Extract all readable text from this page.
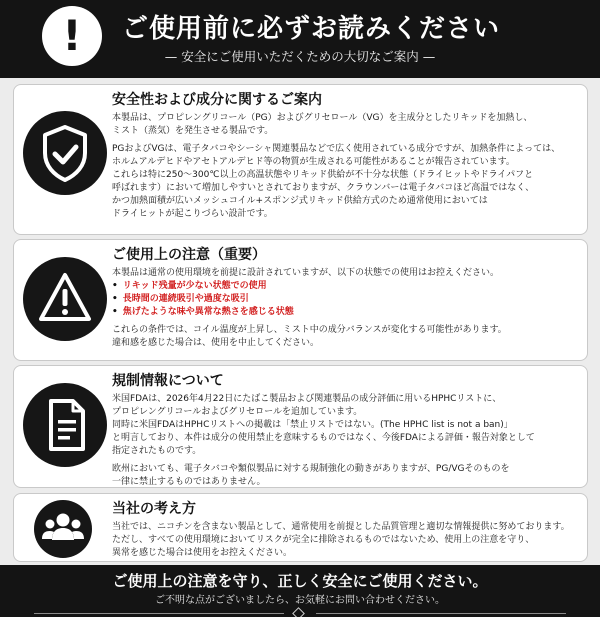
!	ご使用前に必ずお読みください
— 安全にご使用いただくための大切なご案内 —
安全性および成分に関するご案内
本製品は、プロピレングリコール（PG）およびグリセロール（VG）を主成分としたリキッドを加熱し、
ミスト（蒸気）を発生させる製品です。
PGおよびVGは、電子タバコやシーシャ関連製品などで広く使用されている成分ですが、加熱条件によっては、
ホルムアルデヒドやアセトアルデヒド等の物質が生成される可能性があることが報告されています。
これらは特に250〜300℃以上の高温状態やリキッド供給が不十分な状態（ドライヒットやドライパフと
呼ばれます）において増加しやすいとされておりますが、クラウンバーは電子タバコほど高温ではなく、
かつ加熱面積が広いメッシュコイル+スポンジ式リキッド供給方式のため通常使用においては
ドライヒットが起こりづらい設計です。
ご使用上の注意（重要）
本製品は通常の使用環境を前提に設計されていますが、以下の状態での使用はお控えください。
• リキッド残量が少ない状態での使用
• 長時間の連続吸引や過度な吸引
• 焦げたような味や異常な熱さを感じる状態
これらの条件では、コイル温度が上昇し、ミスト中の成分バランスが変化する可能性があります。
違和感を感じた場合は、使用を中止してください。
規制情報について
米国FDAは、2026年4月22日にたばこ製品および関連製品の成分評価に用いるHPHCリストに、
プロピレングリコールおよびグリセロールを追加しています。
同時に米国FDAはHPHCリストへの掲載は「禁止リストではない。(The HPHC list is not a ban)」
と明言しており、本件は成分の使用禁止を意味するものではなく、今後FDAによる評価・報告対象として
指定されたものです。
欧州においても、電子タバコや類似製品に対する規制強化の動きがありますが、PG/VGそのものを
一律に禁止するものではありません。
当社の考え方
当社では、ニコチンを含まない製品として、通常使用を前提とした品質管理と適切な情報提供に努めております。
ただし、すべての使用環境においてリスクが完全に排除されるものではないため、使用上の注意を守り、
異常を感じた場合は使用をお控えください。
ご使用上の注意を守り、正しく安全にご使用ください。
ご不明な点がございましたら、お気軽にお問い合わせください。
